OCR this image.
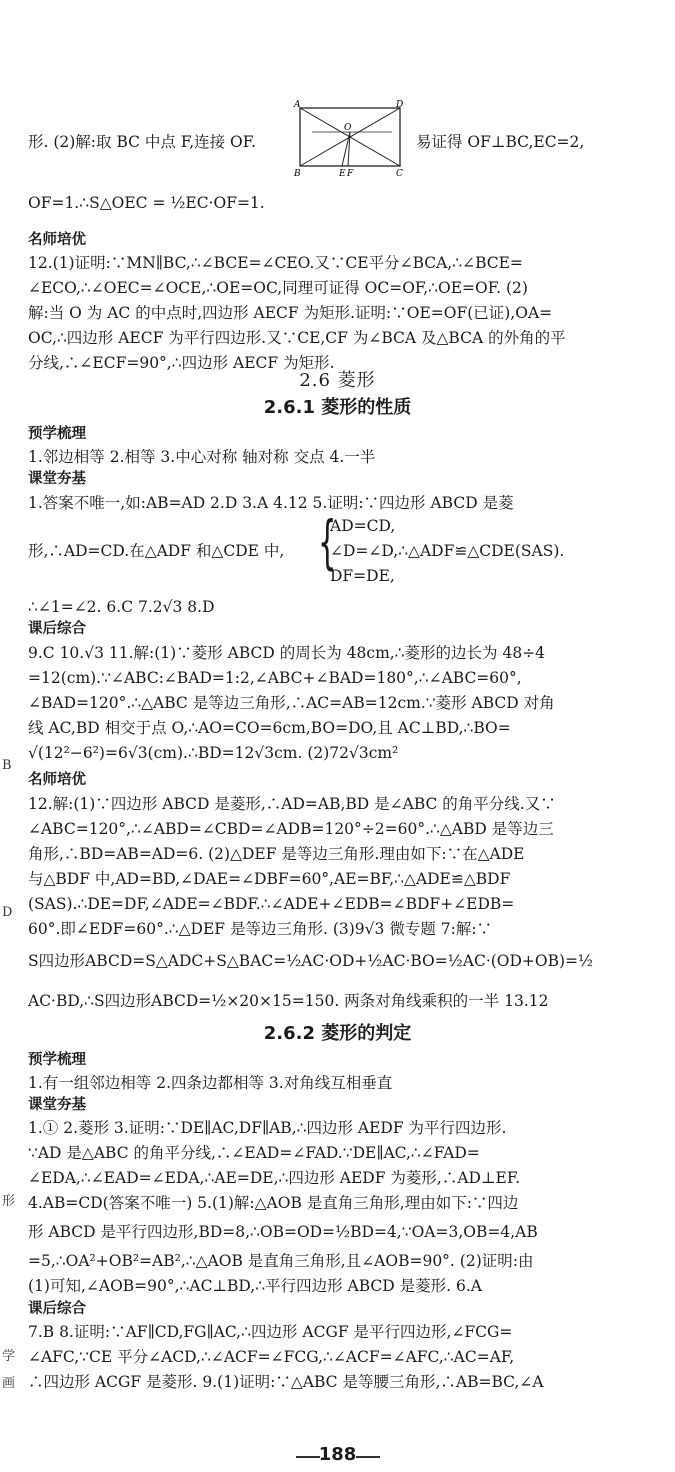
形. (2)解:取 BC 中点 F,连接 OF.
A	D
B	C
O
E F
易证得 OF⊥BC,EC=2,
OF=1.∴S△OEC = ½EC·OF=1.
名师培优
12.(1)证明:∵MN∥BC,∴∠BCE=∠CEO.又∵CE平分∠BCA,∴∠BCE=
∠ECO,∴∠OEC=∠OCE,∴OE=OC,同理可证得 OC=OF,∴OE=OF. (2)
解:当 O 为 AC 的中点时,四边形 AECF 为矩形.证明:∵OE=OF(已证),OA=
OC,∴四边形 AECF 为平行四边形.又∵CE,CF 为∠BCA 及△BCA 的外角的平
分线,∴∠ECF=90°,∴四边形 AECF 为矩形.
2.6 菱形
2.6.1 菱形的性质
预学梳理
1.邻边相等 2.相等 3.中心对称 轴对称 交点 4.一半
课堂夯基
1.答案不唯一,如:AB=AD 2.D 3.A 4.12 5.证明:∵四边形 ABCD 是菱
形,∴AD=CD.在△ADF 和△CDE 中, {
AD=CD,
∠D=∠D,∴△ADF≌△CDE(SAS).
DF=DE,
∴∠1=∠2. 6.C 7.2√3 8.D
课后综合
9.C 10.√3 11.解:(1)∵菱形 ABCD 的周长为 48cm,∴菱形的边长为 48÷4
=12(cm).∵∠ABC:∠BAD=1:2,∠ABC+∠BAD=180°,∴∠ABC=60°,
∠BAD=120°.∴△ABC 是等边三角形,∴AC=AB=12cm.∵菱形 ABCD 对角
线 AC,BD 相交于点 O,∴AO=CO=6cm,BO=DO,且 AC⊥BD,∴BO=
√(12²−6²)=6√3(cm).∴BD=12√3cm. (2)72√3cm²
名师培优
12.解:(1)∵四边形 ABCD 是菱形,∴AD=AB,BD 是∠ABC 的角平分线.又∵
∠ABC=120°,∴∠ABD=∠CBD=∠ADB=120°÷2=60°.∴△ABD 是等边三
角形,∴BD=AB=AD=6. (2)△DEF 是等边三角形.理由如下:∵在△ADE
与△BDF 中,AD=BD,∠DAE=∠DBF=60°,AE=BF,∴△ADE≌△BDF
(SAS).∴DE=DF,∠ADE=∠BDF.∴∠ADE+∠EDB=∠BDF+∠EDB=
60°.即∠EDF=60°.∴△DEF 是等边三角形. (3)9√3 微专题 7:解:∵
S四边形ABCD=S△ADC+S△BAC=½AC·OD+½AC·BO=½AC·(OD+OB)=½
AC·BD,∴S四边形ABCD=½×20×15=150. 两条对角线乘积的一半 13.12
2.6.2 菱形的判定
预学梳理
1.有一组邻边相等 2.四条边都相等 3.对角线互相垂直
课堂夯基
1.① 2.菱形 3.证明:∵DE∥AC,DF∥AB,∴四边形 AEDF 为平行四边形.
∵AD 是△ABC 的角平分线,∴∠EAD=∠FAD.∵DE∥AC,∴∠FAD=
∠EDA,∴∠EAD=∠EDA,∴AE=DE,∴四边形 AEDF 为菱形,∴AD⊥EF.
4.AB=CD(答案不唯一) 5.(1)解:△AOB 是直角三角形,理由如下:∵四边
形 ABCD 是平行四边形,BD=8,∴OB=OD=½BD=4,∵OA=3,OB=4,AB
=5,∴OA²+OB²=AB²,∴△AOB 是直角三角形,且∠AOB=90°. (2)证明:由
(1)可知,∠AOB=90°,∴AC⊥BD,∴平行四边形 ABCD 是菱形. 6.A
课后综合
7.B 8.证明:∵AF∥CD,FG∥AC,∴四边形 ACGF 是平行四边形,∠FCG=
∠AFC,∵CE 平分∠ACD,∴∠ACF=∠FCG,∴∠ACF=∠AFC,∴AC=AF,
∴四边形 ACGF 是菱形. 9.(1)证明:∵△ABC 是等腰三角形,∴AB=BC,∠A
188
B
形
D
学
画
